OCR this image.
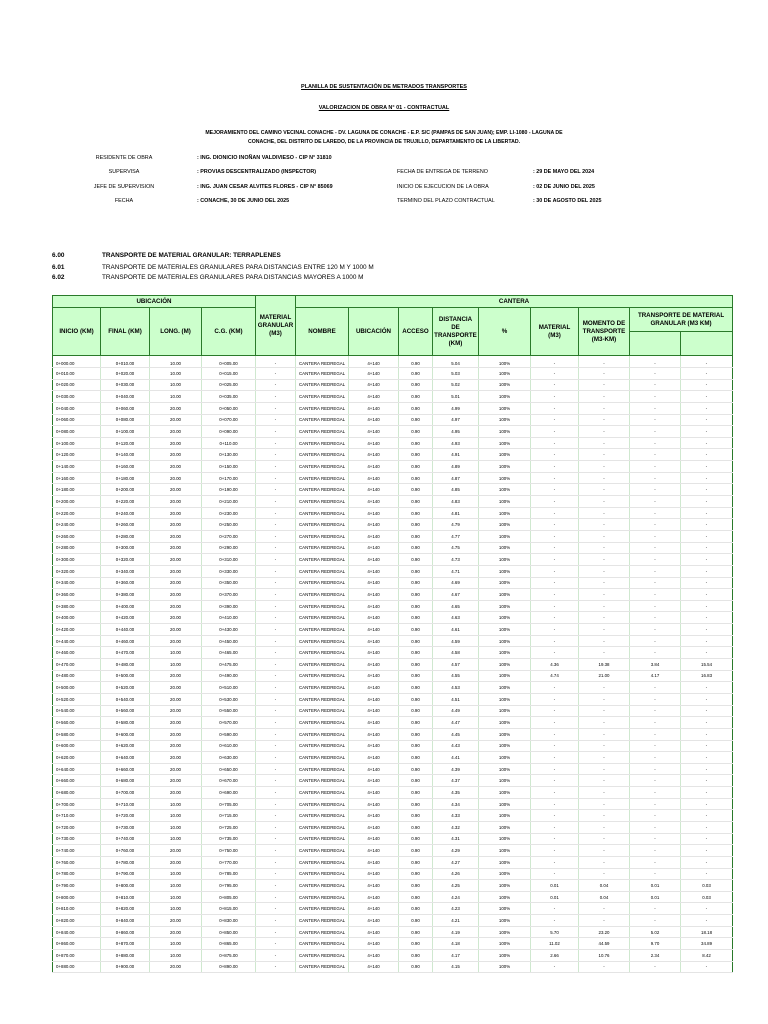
PLANILLA DE SUSTENTACIÓN DE METRADOS TRANSPORTES
VALORIZACION DE OBRA N° 01 - CONTRACTUAL
MEJORAMIENTO DEL CAMINO VECINAL CONACHE - DV. LAGUNA DE CONACHE - E.P. S/C (PAMPAS DE SAN JUAN); EMP. LI-1080 - LAGUNA DE
CONACHE, DEL DISTRITO DE LAREDO, DE LA PROVINCIA DE TRUJILLO, DEPARTAMENTO DE LA LIBERTAD.
RESIDENTE DE OBRA	: ING. DIONICIO INOÑAN VALDIVIESO - CIP N° 31810
SUPERVISA	: PROVIAS DESCENTRALIZADO (INSPECTOR)	FECHA DE ENTREGA DE TERRENO	: 29 DE MAYO DEL 2024
JEFE DE SUPERVISION	: ING. JUAN CESAR ALVITES FLORES - CIP N° 85069	INICIO DE EJECUCION DE LA OBRA	: 02 DE JUNIO DEL 2025
FECHA	: CONACHE, 30 DE JUNIO DEL 2025	TERMINO DEL PLAZO CONTRACTUAL	: 30 DE AGOSTO DEL 2025
6.00	TRANSPORTE DE MATERIAL GRANULAR: TERRAPLENES
6.01	TRANSPORTE DE MATERIALES GRANULARES PARA DISTANCIAS ENTRE 120 M Y 1000 M
6.02	TRANSPORTE DE MATERIALES GRANULARES PARA DISTANCIAS MAYORES A 1000 M
UBICACIÓN				MATERIAL GRANULAR (M3)	CANTERA								
INICIO (KM)	FINAL (KM)	LONG. (M)	C.G. (KM)		NOMBRE	UBICACIÓN	ACCESO	DISTANCIA DE TRANSPORTE (KM)	%	MATERIAL (M3)	MOMENTO DE TRANSPORTE (M3-KM)	TRANSPORTE DE MATERIAL GRANULAR (M3 KM)	

0+000.00	0+010.00	10.00	0+005.00	-	CANTERA REDREGAL	4+140	0.90	5.04	100%	-	-	-	-
0+010.00	0+020.00	10.00	0+015.00	-	CANTERA REDREGAL	4+140	0.90	5.03	100%	-	-	-	-
0+020.00	0+030.00	10.00	0+025.00	-	CANTERA REDREGAL	4+140	0.90	5.02	100%	-	-	-	-
0+030.00	0+040.00	10.00	0+035.00	-	CANTERA REDREGAL	4+140	0.90	5.01	100%	-	-	-	-
0+040.00	0+060.00	20.00	0+050.00	-	CANTERA REDREGAL	4+140	0.90	4.99	100%	-	-	-	-
0+060.00	0+080.00	20.00	0+070.00	-	CANTERA REDREGAL	4+140	0.90	4.97	100%	-	-	-	-
0+080.00	0+100.00	20.00	0+090.00	-	CANTERA REDREGAL	4+140	0.90	4.95	100%	-	-	-	-
0+100.00	0+120.00	20.00	0+110.00	-	CANTERA REDREGAL	4+140	0.90	4.93	100%	-	-	-	-
0+120.00	0+140.00	20.00	0+130.00	-	CANTERA REDREGAL	4+140	0.90	4.91	100%	-	-	-	-
0+140.00	0+160.00	20.00	0+150.00	-	CANTERA REDREGAL	4+140	0.90	4.89	100%	-	-	-	-
0+160.00	0+180.00	20.00	0+170.00	-	CANTERA REDREGAL	4+140	0.90	4.87	100%	-	-	-	-
0+180.00	0+200.00	20.00	0+190.00	-	CANTERA REDREGAL	4+140	0.90	4.85	100%	-	-	-	-
0+200.00	0+220.00	20.00	0+210.00	-	CANTERA REDREGAL	4+140	0.90	4.83	100%	-	-	-	-
0+220.00	0+240.00	20.00	0+230.00	-	CANTERA REDREGAL	4+140	0.90	4.81	100%	-	-	-	-
0+240.00	0+260.00	20.00	0+250.00	-	CANTERA REDREGAL	4+140	0.90	4.79	100%	-	-	-	-
0+260.00	0+280.00	20.00	0+270.00	-	CANTERA REDREGAL	4+140	0.90	4.77	100%	-	-	-	-
0+280.00	0+300.00	20.00	0+290.00	-	CANTERA REDREGAL	4+140	0.90	4.75	100%	-	-	-	-
0+300.00	0+320.00	20.00	0+310.00	-	CANTERA REDREGAL	4+140	0.90	4.73	100%	-	-	-	-
0+320.00	0+340.00	20.00	0+330.00	-	CANTERA REDREGAL	4+140	0.90	4.71	100%	-	-	-	-
0+340.00	0+360.00	20.00	0+350.00	-	CANTERA REDREGAL	4+140	0.90	4.69	100%	-	-	-	-
0+360.00	0+380.00	20.00	0+370.00	-	CANTERA REDREGAL	4+140	0.90	4.67	100%	-	-	-	-
0+380.00	0+400.00	20.00	0+390.00	-	CANTERA REDREGAL	4+140	0.90	4.65	100%	-	-	-	-
0+400.00	0+420.00	20.00	0+410.00	-	CANTERA REDREGAL	4+140	0.90	4.63	100%	-	-	-	-
0+420.00	0+440.00	20.00	0+430.00	-	CANTERA REDREGAL	4+140	0.90	4.61	100%	-	-	-	-
0+440.00	0+460.00	20.00	0+450.00	-	CANTERA REDREGAL	4+140	0.90	4.59	100%	-	-	-	-
0+460.00	0+470.00	10.00	0+465.00	-	CANTERA REDREGAL	4+140	0.90	4.58	100%	-	-	-	-
0+470.00	0+480.00	10.00	0+475.00	-	CANTERA REDREGAL	4+140	0.90	4.57	100%	4.36	19.38	3.84	15.54
0+480.00	0+500.00	20.00	0+490.00	-	CANTERA REDREGAL	4+140	0.90	4.55	100%	4.74	21.00	4.17	16.83
0+500.00	0+520.00	20.00	0+510.00	-	CANTERA REDREGAL	4+140	0.90	4.53	100%	-	-	-	-
0+520.00	0+540.00	20.00	0+530.00	-	CANTERA REDREGAL	4+140	0.90	4.51	100%	-	-	-	-
0+540.00	0+560.00	20.00	0+550.00	-	CANTERA REDREGAL	4+140	0.90	4.49	100%	-	-	-	-
0+560.00	0+580.00	20.00	0+570.00	-	CANTERA REDREGAL	4+140	0.90	4.47	100%	-	-	-	-
0+580.00	0+600.00	20.00	0+590.00	-	CANTERA REDREGAL	4+140	0.90	4.45	100%	-	-	-	-
0+600.00	0+620.00	20.00	0+610.00	-	CANTERA REDREGAL	4+140	0.90	4.43	100%	-	-	-	-
0+620.00	0+640.00	20.00	0+630.00	-	CANTERA REDREGAL	4+140	0.90	4.41	100%	-	-	-	-
0+640.00	0+660.00	20.00	0+650.00	-	CANTERA REDREGAL	4+140	0.90	4.39	100%	-	-	-	-
0+660.00	0+680.00	20.00	0+670.00	-	CANTERA REDREGAL	4+140	0.90	4.37	100%	-	-	-	-
0+680.00	0+700.00	20.00	0+690.00	-	CANTERA REDREGAL	4+140	0.90	4.35	100%	-	-	-	-
0+700.00	0+710.00	10.00	0+705.00	-	CANTERA REDREGAL	4+140	0.90	4.34	100%	-	-	-	-
0+710.00	0+720.00	10.00	0+715.00	-	CANTERA REDREGAL	4+140	0.90	4.33	100%	-	-	-	-
0+720.00	0+730.00	10.00	0+725.00	-	CANTERA REDREGAL	4+140	0.90	4.32	100%	-	-	-	-
0+730.00	0+740.00	10.00	0+735.00	-	CANTERA REDREGAL	4+140	0.90	4.31	100%	-	-	-	-
0+740.00	0+760.00	20.00	0+750.00	-	CANTERA REDREGAL	4+140	0.90	4.29	100%	-	-	-	-
0+760.00	0+780.00	20.00	0+770.00	-	CANTERA REDREGAL	4+140	0.90	4.27	100%	-	-	-	-
0+780.00	0+790.00	10.00	0+785.00	-	CANTERA REDREGAL	4+140	0.90	4.26	100%	-	-	-	-
0+790.00	0+800.00	10.00	0+795.00	-	CANTERA REDREGAL	4+140	0.90	4.25	100%	0.01	0.04	0.01	0.03
0+800.00	0+810.00	10.00	0+805.00	-	CANTERA REDREGAL	4+140	0.90	4.24	100%	0.01	0.04	0.01	0.03
0+810.00	0+820.00	10.00	0+815.00	-	CANTERA REDREGAL	4+140	0.90	4.23	100%	-	-	-	-
0+820.00	0+840.00	20.00	0+830.00	-	CANTERA REDREGAL	4+140	0.90	4.21	100%	-	-	-	-
0+840.00	0+860.00	20.00	0+850.00	-	CANTERA REDREGAL	4+140	0.90	4.19	100%	5.70	23.20	5.02	18.18
0+860.00	0+870.00	10.00	0+865.00	-	CANTERA REDREGAL	4+140	0.90	4.18	100%	11.02	44.59	9.70	34.89
0+870.00	0+880.00	10.00	0+875.00	-	CANTERA REDREGAL	4+140	0.90	4.17	100%	2.66	10.76	2.34	8.42
0+880.00	0+900.00	20.00	0+890.00	-	CANTERA REDREGAL	4+140	0.90	4.15	100%	-	-	-	-
